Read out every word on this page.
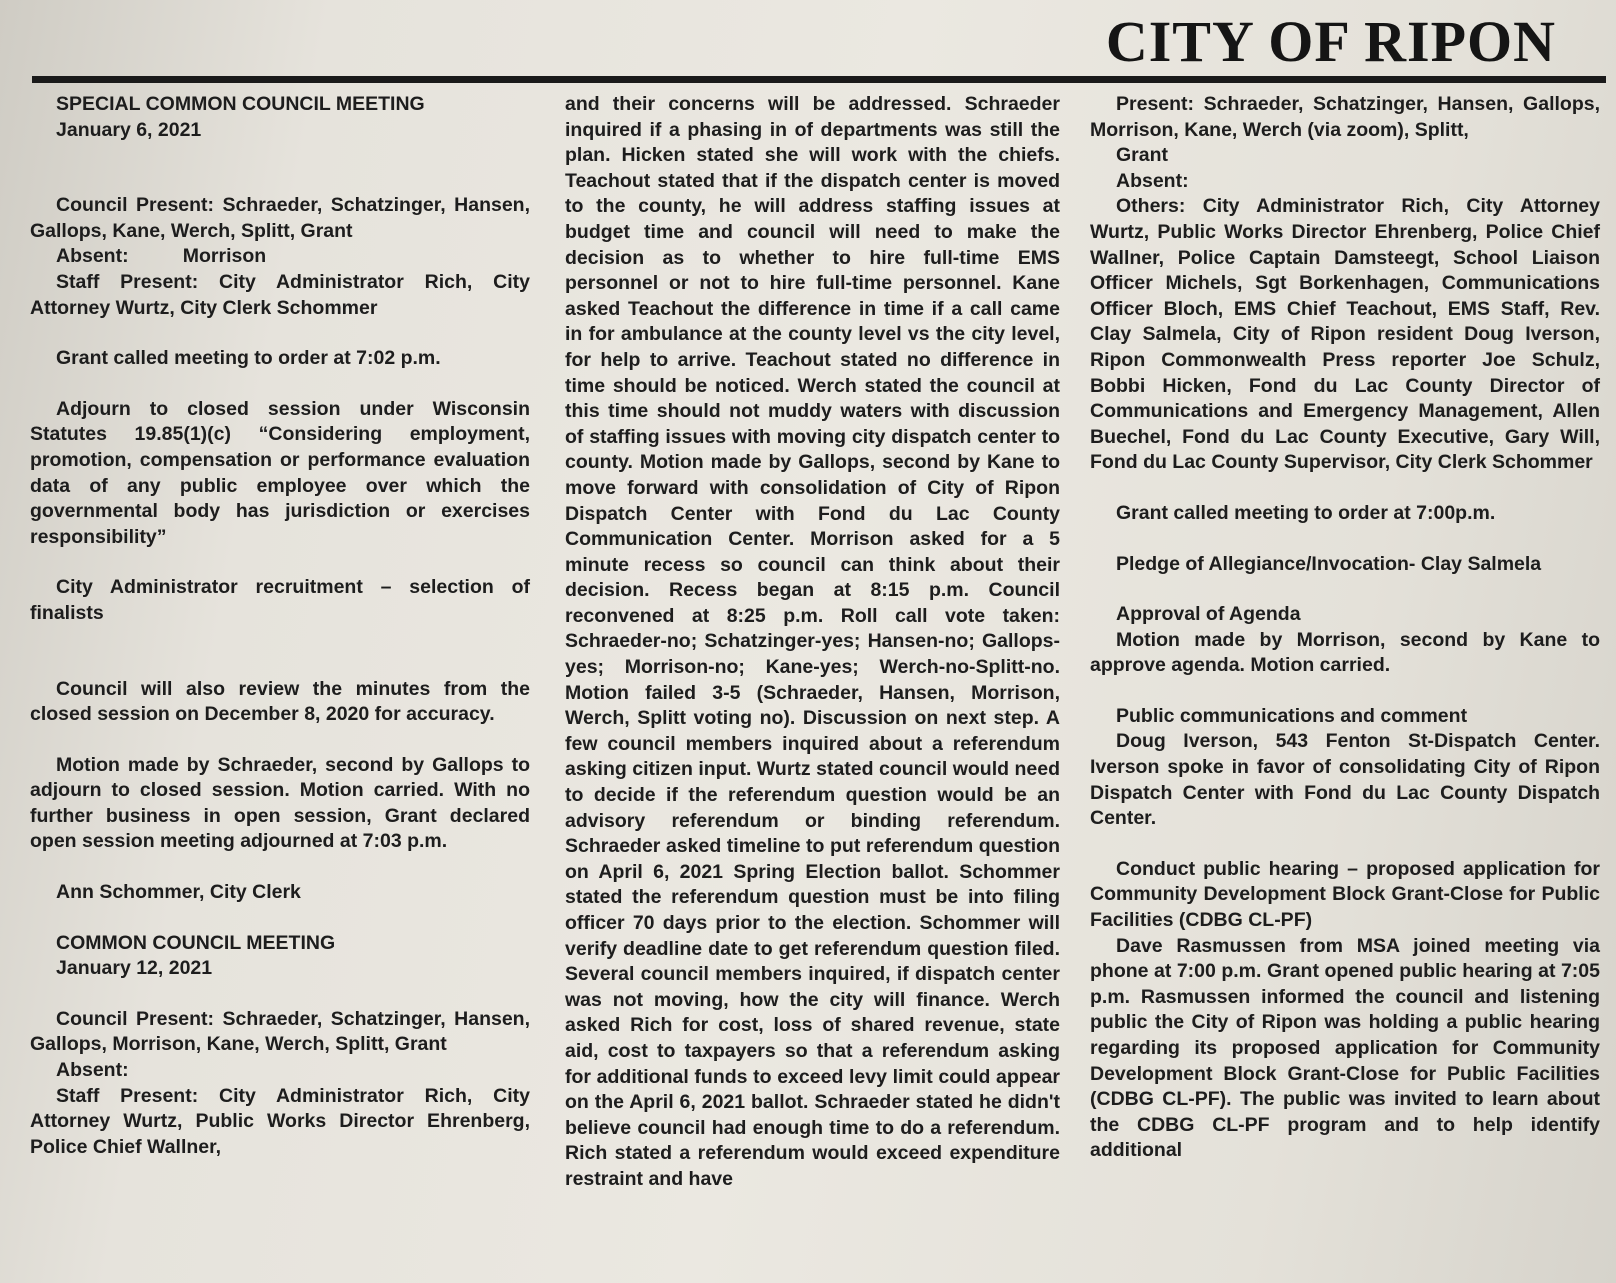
CITY OF RIPON

SPECIAL COMMON COUNCIL MEETING

January 6, 2021

Council Present: Schraeder, Schatzinger, Hansen, Gallops, Kane, Werch, Splitt, Grant

Absent:          Morrison

Staff Present: City Administrator Rich, City Attorney Wurtz, City Clerk Schommer

Grant called meeting to order at 7:02 p.m.

Adjourn to closed session under Wisconsin Statutes 19.85(1)(c) “Considering employment, promotion, compensation or performance evaluation data of any public employee over which the governmental body has jurisdiction or exercises responsibility”

City Administrator recruitment – selection of finalists

Council will also review the minutes from the closed session on December 8, 2020 for accuracy.

Motion made by Schraeder, second by Gallops to adjourn to closed session. Motion carried. With no further business in open session, Grant declared open session meeting adjourned at 7:03 p.m.

Ann Schommer, City Clerk

COMMON COUNCIL MEETING

January 12, 2021

Council Present: Schraeder, Schatzinger, Hansen, Gallops, Morrison, Kane, Werch, Splitt, Grant

Absent:

Staff Present: City Administrator Rich, City Attorney Wurtz, Public Works Director Ehrenberg, Police Chief Wallner,

and their concerns will be addressed. Schraeder inquired if a phasing in of departments was still the plan. Hicken stated she will work with the chiefs. Teachout stated that if the dispatch center is moved to the county, he will address staffing issues at budget time and council will need to make the decision as to whether to hire full-time EMS personnel or not to hire full-time personnel. Kane asked Teachout the difference in time if a call came in for ambulance at the county level vs the city level, for help to arrive. Teachout stated no difference in time should be noticed. Werch stated the council at this time should not muddy waters with discussion of staffing issues with moving city dispatch center to county. Motion made by Gallops, second by Kane to move forward with consolidation of City of Ripon Dispatch Center with Fond du Lac County Communication Center. Morrison asked for a 5 minute recess so council can think about their decision. Recess began at 8:15 p.m. Council reconvened at 8:25 p.m. Roll call vote taken: Schraeder-no; Schatzinger-yes; Hansen-no; Gallops-yes; Morrison-no; Kane-yes; Werch-no-Splitt-no. Motion failed 3-5 (Schraeder, Hansen, Morrison, Werch, Splitt voting no). Discussion on next step. A few council members inquired about a referendum asking citizen input. Wurtz stated council would need to decide if the referendum question would be an advisory referendum or binding referendum. Schraeder asked timeline to put referendum question on April 6, 2021 Spring Election ballot. Schommer stated the referendum question must be into filing officer 70 days prior to the election. Schommer will verify deadline date to get referendum question filed. Several council members inquired, if dispatch center was not moving, how the city will finance. Werch asked Rich for cost, loss of shared revenue, state aid, cost to taxpayers so that a referendum asking for additional funds to exceed levy limit could appear on the April 6, 2021 ballot. Schraeder stated he didn't believe council had enough time to do a referendum. Rich stated a referendum would exceed expenditure restraint and have

Present: Schraeder, Schatzinger, Hansen, Gallops, Morrison, Kane, Werch (via zoom), Splitt,

Grant

Absent:

Others: City Administrator Rich, City Attorney Wurtz, Public Works Director Ehrenberg, Police Chief Wallner, Police Captain Damsteegt, School Liaison Officer Michels, Sgt Borkenhagen, Communications Officer Bloch, EMS Chief Teachout, EMS Staff, Rev. Clay Salmela, City of Ripon resident Doug Iverson, Ripon Commonwealth Press reporter Joe Schulz, Bobbi Hicken, Fond du Lac County Director of Communications and Emergency Management, Allen Buechel, Fond du Lac County Executive, Gary Will, Fond du Lac County Supervisor, City Clerk Schommer

Grant called meeting to order at 7:00p.m.

Pledge of Allegiance/Invocation- Clay Salmela

Approval of Agenda

Motion made by Morrison, second by Kane to approve agenda. Motion carried.

Public communications and comment

Doug Iverson, 543 Fenton St-Dispatch Center. Iverson spoke in favor of consolidating City of Ripon Dispatch Center with Fond du Lac County Dispatch Center.

Conduct public hearing – proposed application for Community Development Block Grant-Close for Public Facilities (CDBG CL-PF)

Dave Rasmussen from MSA joined meeting via phone at 7:00 p.m. Grant opened public hearing at 7:05 p.m. Rasmussen informed the council and listening public the City of Ripon was holding a public hearing regarding its proposed application for Community Development Block Grant-Close for Public Facilities (CDBG CL-PF). The public was invited to learn about the CDBG CL-PF program and to help identify additional
